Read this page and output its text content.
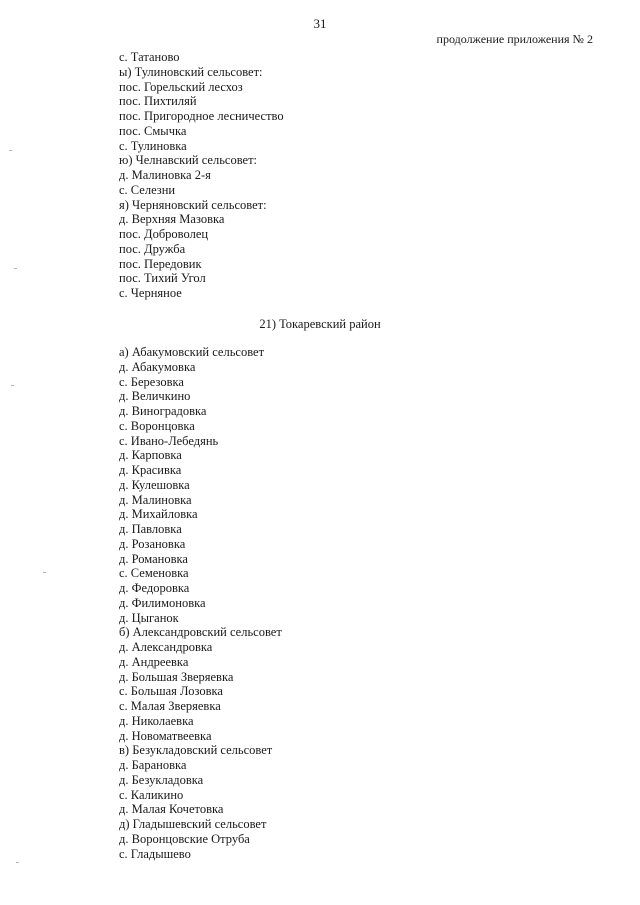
31
продолжение приложения № 2
с. Татаново
ы) Тулиновский сельсовет:
пос. Горельский лесхоз
пос. Пихтиляй
пос. Пригородное лесничество
пос. Смычка
с. Тулиновка
ю) Челнавский сельсовет:
д. Малиновка 2-я
с. Селезни
я) Черняновский сельсовет:
д. Верхняя Мазовка
пос. Доброволец
пос. Дружба
пос. Передовик
пос. Тихий Угол
с. Черняное
21) Токаревский район
а) Абакумовский сельсовет
д. Абакумовка
с. Березовка
д. Величкино
д. Виноградовка
с. Воронцовка
с. Ивано-Лебедянь
д. Карповка
д. Красивка
д. Кулешовка
д. Малиновка
д. Михайловка
д. Павловка
д. Розановка
д. Романовка
с. Семеновка
д. Федоровка
д. Филимоновка
д. Цыганок
б) Александровский сельсовет
д. Александровка
д. Андреевка
д. Большая Зверяевка
с. Большая Лозовка
с. Малая Зверяевка
д. Николаевка
д. Новоматвеевка
в) Безукладовский сельсовет
д. Барановка
д. Безукладовка
с. Каликино
д. Малая Кочетовка
д) Гладышевский сельсовет
д. Воронцовские Отруба
с. Гладышево
